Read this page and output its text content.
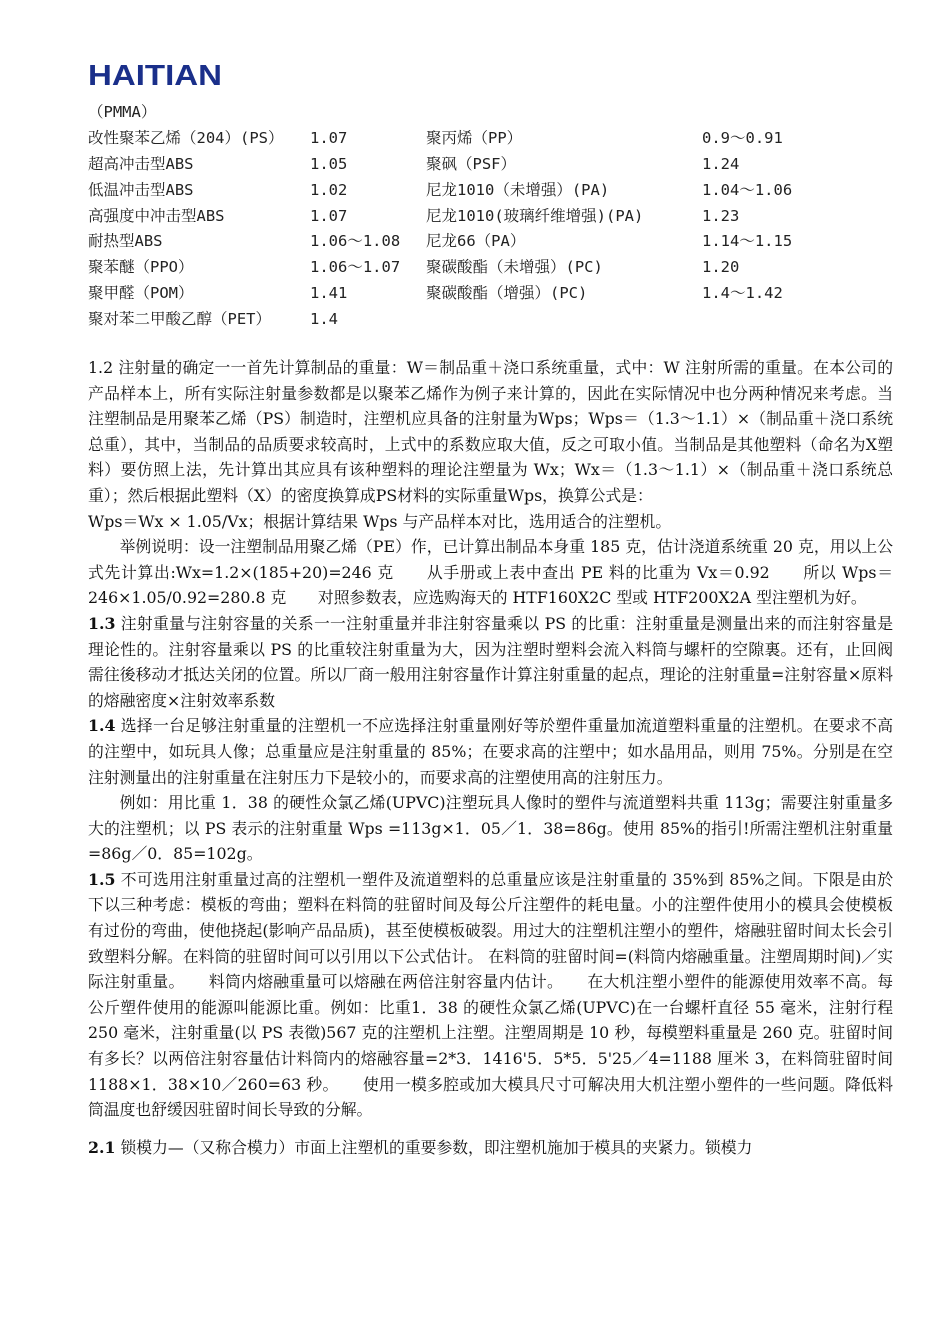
HAITIAN
（PMMA）
改性聚苯乙烯（204）(PS） 1.07	聚丙烯（PP）	0.9～0.91
超高冲击型ABS	1.05	聚砜（PSF）	1.24
低温冲击型ABS	1.02	尼龙1010（未增强）(PA)	1.04～1.06
高强度中冲击型ABS	1.07	尼龙1010(玻璃纤维增强)(PA)	1.23
耐热型ABS	1.06～1.08 尼龙66（PA）	1.14～1.15
聚苯醚（PPO）	1.06～1.07 聚碳酸酯（未增强）(PC)	1.20
聚甲醛（POM）	1.41	聚碳酸酯（增强）(PC)	1.4～1.42
聚对苯二甲酸乙醇（PET）	1.4

1.2 注射量的确定一一首先计算制品的重量：W＝制品重＋浇口系统重量，式中：W 注射所需的重量。在本公司的产品样本上，所有实际注射量参数都是以聚苯乙烯作为例子来计算的，因此在实际情况中也分两种情况来考虑。当注塑制品是用聚苯乙烯（PS）制造时，注塑机应具备的注射量为Wps；Wps＝（1.3～1.1）×（制品重＋浇口系统总重），其中，当制品的品质要求较高时，上式中的系数应取大值，反之可取小值。当制品是其他塑料（命名为X塑料）要仿照上法，先计算出其应具有该种塑料的理论注塑量为 Wx；Wx＝（1.3～1.1）×（制品重＋浇口系统总重）；然后根据此塑料（X）的密度换算成PS材料的实际重量Wps，换算公式是：

Wps＝Wx × 1.05/Vx；根据计算结果 Wps 与产品样本对比，选用适合的注塑机。

举例说明：设一注塑制品用聚乙烯（PE）作，已计算出制品本身重 185 克，估计浇道系统重 20 克，用以上公式先计算出:Wx=1.2×(185+20)=246 克　　从手册或上表中查出 PE 料的比重为 Vx＝0.92　　所以 Wps＝246×1.05/0.92=280.8 克　　对照参数表，应选购海天的 HTF160X2C 型或 HTF200X2A 型注塑机为好。

1.3 注射重量与注射容量的关系一一注射重量并非注射容量乘以 PS 的比重：注射重量是测量出来的而注射容量是理论性的。注射容量乘以 PS 的比重较注射重量为大，因为注塑时塑料会流入料筒与螺杆的空隙裏。还有，止回阀需往後移动才抵达关闭的位置。所以厂商一般用注射容量作计算注射重量的起点，理论的注射重量=注射容量×原料的熔融密度×注射效率系数

1.4 选择一台足够注射重量的注塑机一不应选择注射重量刚好等於塑件重量加流道塑料重量的注塑机。在要求不高的注塑中，如玩具人像；总重量应是注射重量的 85%；在要求高的注塑中；如水晶用品，则用 75%。分别是在空注射测量出的注射重量在注射压力下是较小的，而要求高的注塑使用高的注射压力。

例如：用比重 1．38 的硬性众氯乙烯(UPVC)注塑玩具人像时的塑件与流道塑料共重 113g；需要注射重量多大的注塑机；以 PS 表示的注射重量 Wps =113g×1．05／1．38=86g。使用 85%的指引!所需注塑机注射重量=86g／0．85=102g。

1.5 不可选用注射重量过高的注塑机一塑件及流道塑料的总重量应该是注射重量的 35%到 85%之间。下限是由於下以三种考虑：模板的弯曲；塑料在料筒的驻留时间及每公斤注塑件的耗电量。小的注塑件使用小的模具会使模板有过份的弯曲，使他挠起(影响产品品质)，甚至使模板破裂。用过大的注塑机注塑小的塑件，熔融驻留时间太长会引致塑料分解。在料筒的驻留时间可以引用以下公式估计。 在料筒的驻留时间=(料筒内熔融重量。注塑周期时间)／实际注射重量。　　料筒内熔融重量可以熔融在两倍注射容量内估计。　　在大机注塑小塑件的能源使用效率不高。每公斤塑件使用的能源叫能源比重。例如：比重1．38 的硬性众氯乙烯(UPVC)在一台螺杆直径 55 毫米，注射行程 250 毫米，注射重量(以 PS 表徵)567 克的注塑机上注塑。注塑周期是 10 秒，每模塑料重量是 260 克。驻留时间有多长？以两倍注射容量估计料筒内的熔融容量=2*3．1416'5．5*5．5'25／4=1188 厘米 3，在料筒驻留时间　1188×1．38×10／260=63 秒。　　使用一模多腔或加大模具尺寸可解决用大机注塑小塑件的一些问题。降低料筒温度也舒缓因驻留时间长导致的分解。

2.1 锁模力—（又称合模力）市面上注塑机的重要参数，即注塑机施加于模具的夹紧力。锁模力
